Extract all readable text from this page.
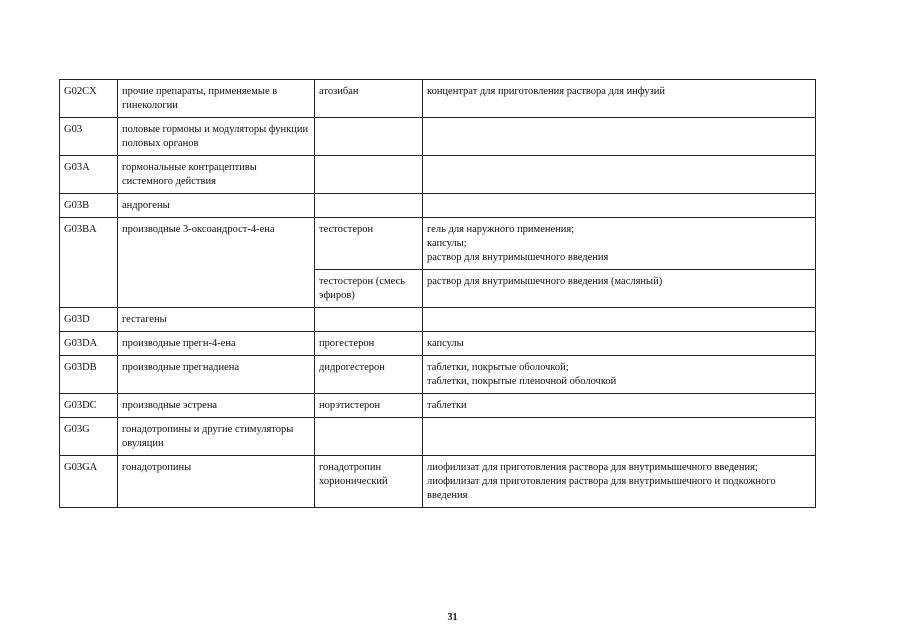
G02CX	прочие препараты, применяемые в гинекологии	атозибан	концентрат для приготовления раствора для инфузий
G03	половые гормоны и модуляторы функции половых органов		
G03A	гормональные контрацептивы системного действия		
G03B	андрогены		
G03BA	производные 3-оксоандрост-4-ена	тестостерон	гель для наружного применения;
капсулы;
раствор для внутримышечного введения
		тестостерон (смесь эфиров)	раствор для внутримышечного введения (масляный)
G03D	гестагены		
G03DA	производные прегн-4-ена	прогестерон	капсулы
G03DB	производные прегнадиена	дидрогестерон	таблетки, покрытые оболочкой;
таблетки, покрытые пленочной оболочкой
G03DC	производные эстрена	норэтистерон	таблетки
G03G	гонадотропины и другие стимуляторы овуляции		
G03GA	гонадотропины	гонадотропин хорионический	лиофилизат для приготовления раствора для внутримышечного введения;
лиофилизат для приготовления раствора для внутримышечного и подкожного введения
31
